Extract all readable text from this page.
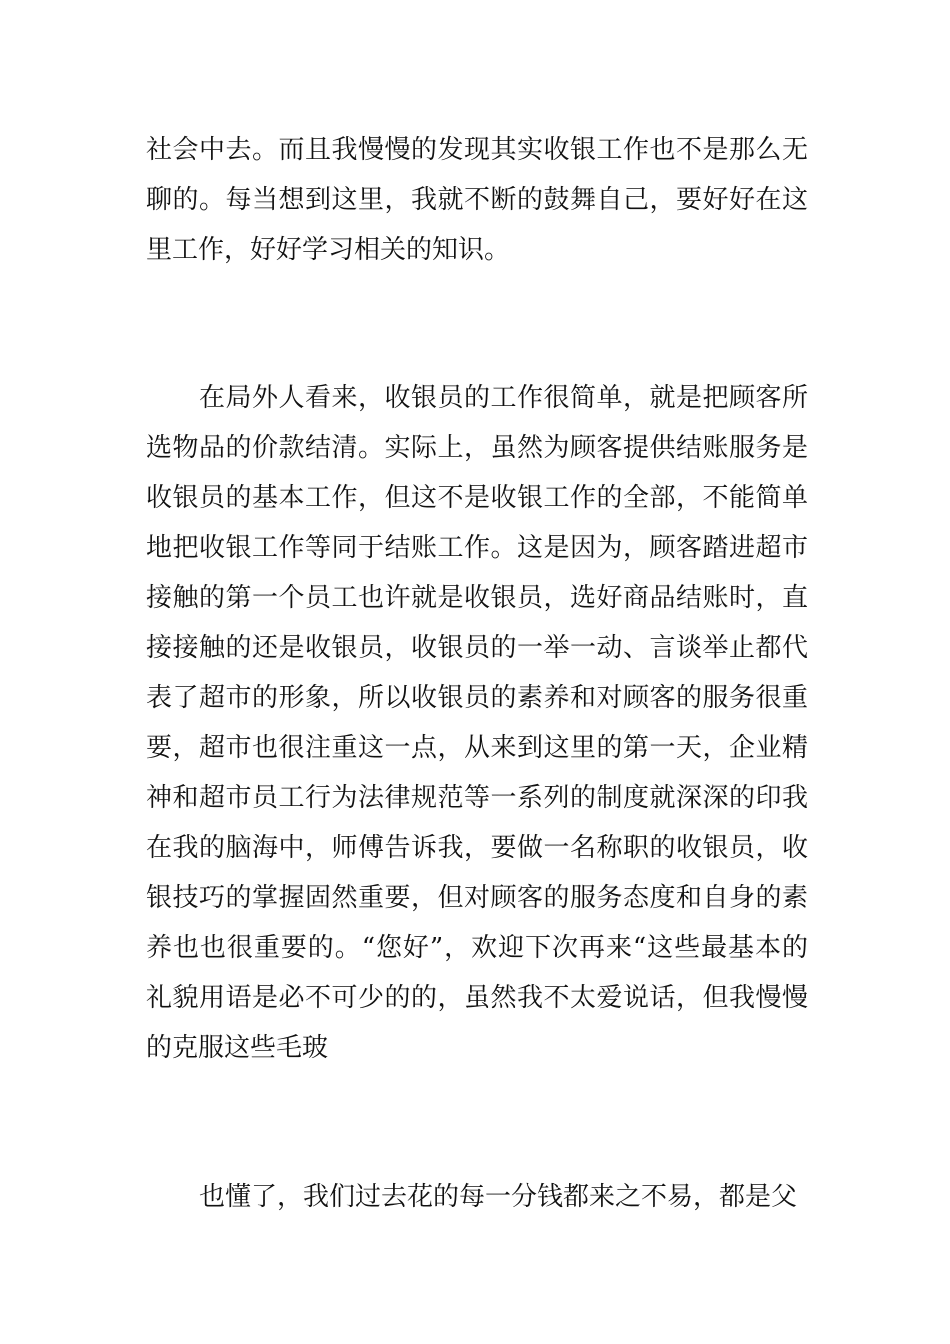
社会中去。而且我慢慢的发现其实收银工作也不是那么无聊的。每当想到这里，我就不断的鼓舞自己，要好好在这里工作，好好学习相关的知识。

在局外人看来，收银员的工作很简单，就是把顾客所选物品的价款结清。实际上，虽然为顾客提供结账服务是收银员的基本工作，但这不是收银工作的全部，不能简单地把收银工作等同于结账工作。这是因为，顾客踏进超市接触的第一个员工也许就是收银员，选好商品结账时，直接接触的还是收银员，收银员的一举一动、言谈举止都代表了超市的形象，所以收银员的素养和对顾客的服务很重要，超市也很注重这一点，从来到这里的第一天，企业精神和超市员工行为法律规范等一系列的制度就深深的印我在我的脑海中，师傅告诉我，要做一名称职的收银员，收银技巧的掌握固然重要，但对顾客的服务态度和自身的素养也也很重要的。“您好”，欢迎下次再来“这些最基本的礼貌用语是必不可少的的，虽然我不太爱说话，但我慢慢的克服这些毛玻

也懂了，我们过去花的每一分钱都来之不易，都是父
